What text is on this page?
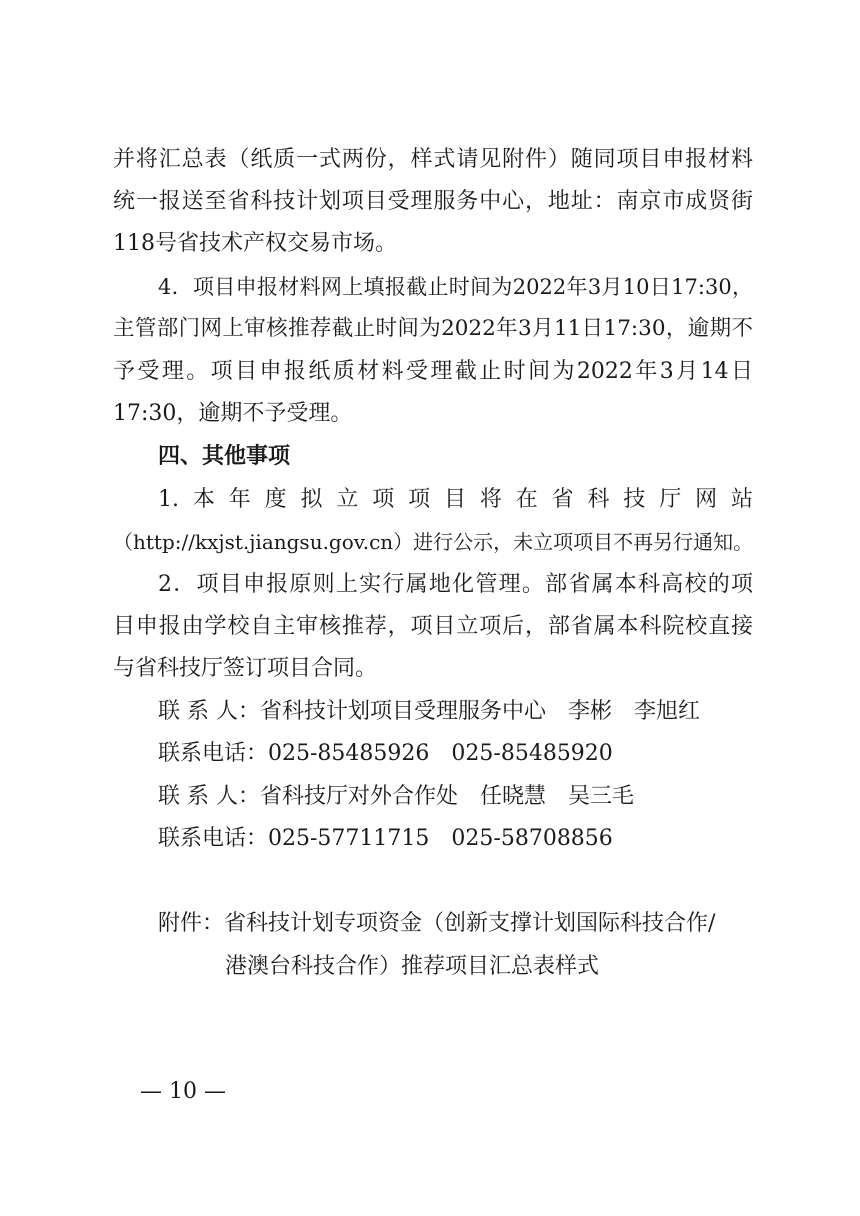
并将汇总表（纸质一式两份，样式请见附件）随同项目申报材料
统一报送至省科技计划项目受理服务中心，地址：南京市成贤街
118号省技术产权交易市场。
4．项目申报材料网上填报截止时间为2022年3月10日17:30，
主管部门网上审核推荐截止时间为2022年3月11日17:30，逾期不
予受理。项目申报纸质材料受理截止时间为2022年3月14日
17:30，逾期不予受理。
四、其他事项
1.本年度拟立项项目将在省科技厅网站
（http://kxjst.jiangsu.gov.cn）进行公示，未立项项目不再另行通知。
2．项目申报原则上实行属地化管理。部省属本科高校的项
目申报由学校自主审核推荐，项目立项后，部省属本科院校直接
与省科技厅签订项目合同。
联 系 人：省科技计划项目受理服务中心　李彬　李旭红
联系电话：025-85485926　025-85485920
联 系 人：省科技厅对外合作处　任晓慧　吴三毛
联系电话：025-57711715　025-58708856
附件：省科技计划专项资金（创新支撑计划国际科技合作/
港澳台科技合作）推荐项目汇总表样式
— 10 —
